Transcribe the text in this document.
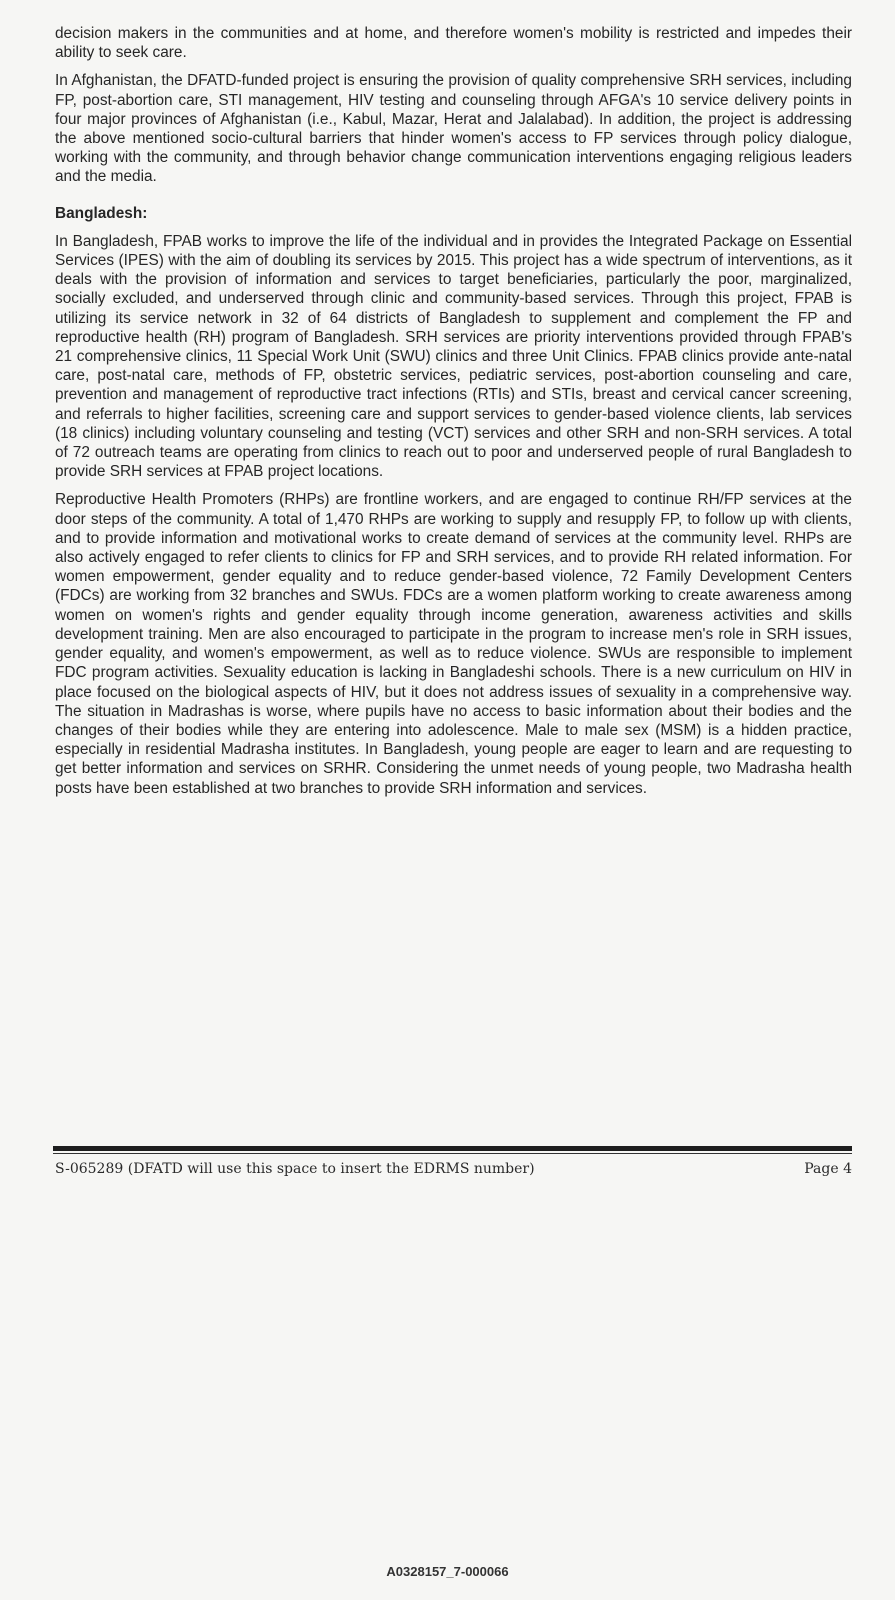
decision makers in the communities and at home, and therefore women's mobility is restricted and impedes their ability to seek care.

In Afghanistan, the DFATD-funded project is ensuring the provision of quality comprehensive SRH services, including FP, post-abortion care, STI management, HIV testing and counseling through AFGA's 10 service delivery points in four major provinces of Afghanistan (i.e., Kabul, Mazar, Herat and Jalalabad). In addition, the project is addressing the above mentioned socio-cultural barriers that hinder women's access to FP services through policy dialogue, working with the community, and through behavior change communication interventions engaging religious leaders and the media.

Bangladesh:

In Bangladesh, FPAB works to improve the life of the individual and in provides the Integrated Package on Essential Services (IPES) with the aim of doubling its services by 2015. This project has a wide spectrum of interventions, as it deals with the provision of information and services to target beneficiaries, particularly the poor, marginalized, socially excluded, and underserved through clinic and community-based services. Through this project, FPAB is utilizing its service network in 32 of 64 districts of Bangladesh to supplement and complement the FP and reproductive health (RH) program of Bangladesh. SRH services are priority interventions provided through FPAB's 21 comprehensive clinics, 11 Special Work Unit (SWU) clinics and three Unit Clinics. FPAB clinics provide ante-natal care, post-natal care, methods of FP, obstetric services, pediatric services, post-abortion counseling and care, prevention and management of reproductive tract infections (RTIs) and STIs, breast and cervical cancer screening, and referrals to higher facilities, screening care and support services to gender-based violence clients, lab services (18 clinics) including voluntary counseling and testing (VCT) services and other SRH and non-SRH services. A total of 72 outreach teams are operating from clinics to reach out to poor and underserved people of rural Bangladesh to provide SRH services at FPAB project locations.

Reproductive Health Promoters (RHPs) are frontline workers, and are engaged to continue RH/FP services at the door steps of the community. A total of 1,470 RHPs are working to supply and resupply FP, to follow up with clients, and to provide information and motivational works to create demand of services at the community level. RHPs are also actively engaged to refer clients to clinics for FP and SRH services, and to provide RH related information. For women empowerment, gender equality and to reduce gender-based violence, 72 Family Development Centers (FDCs) are working from 32 branches and SWUs. FDCs are a women platform working to create awareness among women on women's rights and gender equality through income generation, awareness activities and skills development training. Men are also encouraged to participate in the program to increase men's role in SRH issues, gender equality, and women's empowerment, as well as to reduce violence. SWUs are responsible to implement FDC program activities. Sexuality education is lacking in Bangladeshi schools. There is a new curriculum on HIV in place focused on the biological aspects of HIV, but it does not address issues of sexuality in a comprehensive way. The situation in Madrashas is worse, where pupils have no access to basic information about their bodies and the changes of their bodies while they are entering into adolescence. Male to male sex (MSM) is a hidden practice, especially in residential Madrasha institutes. In Bangladesh, young people are eager to learn and are requesting to get better information and services on SRHR. Considering the unmet needs of young people, two Madrasha health posts have been established at two branches to provide SRH information and services.

S-065289 (DFATD will use this space to insert the EDRMS number)	Page 4
A0328157_7-000066
